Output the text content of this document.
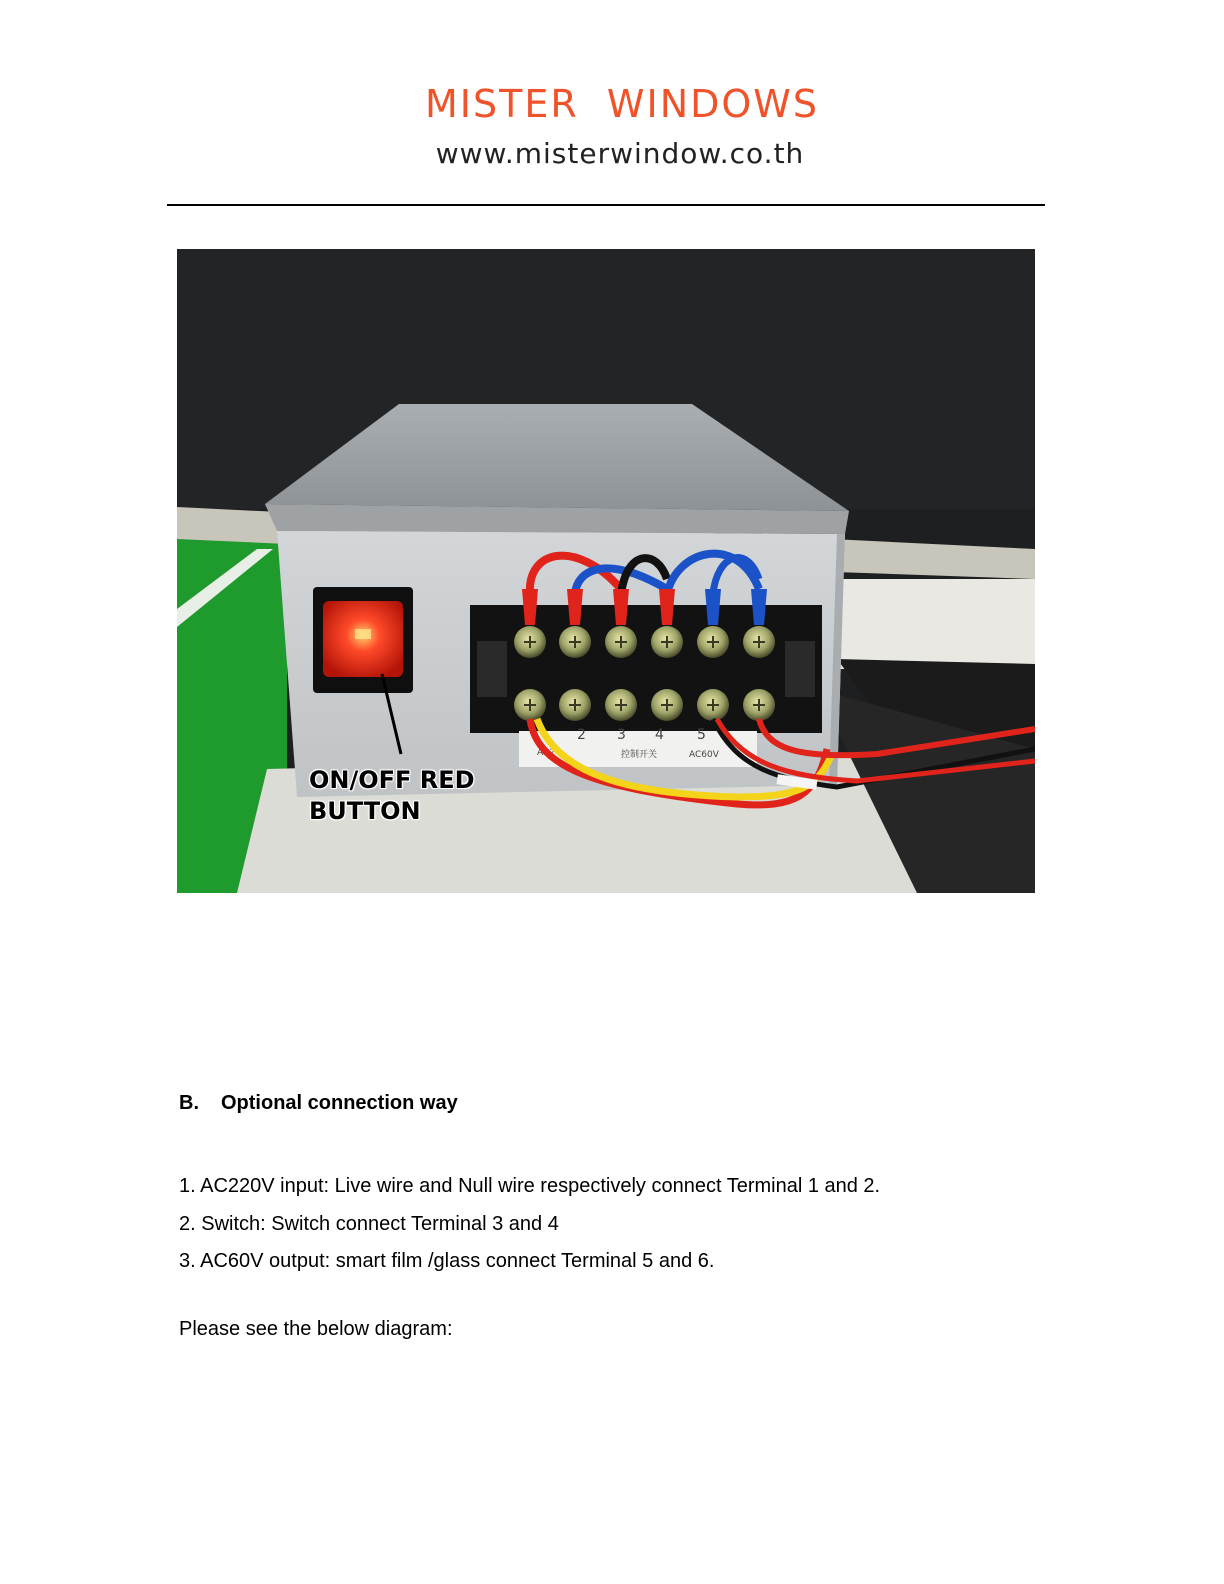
MISTER  WINDOWS
www.misterwindow.co.th
AC2
2 3 4 5
控制开关	AC60V
ON/OFF RED
BUTTON
B. Optional connection way
1. AC220V input: Live wire and Null wire respectively connect Terminal 1 and 2.
2. Switch: Switch connect Terminal 3 and 4
3. AC60V output: smart film /glass connect Terminal 5 and 6.
Please see the below diagram:
